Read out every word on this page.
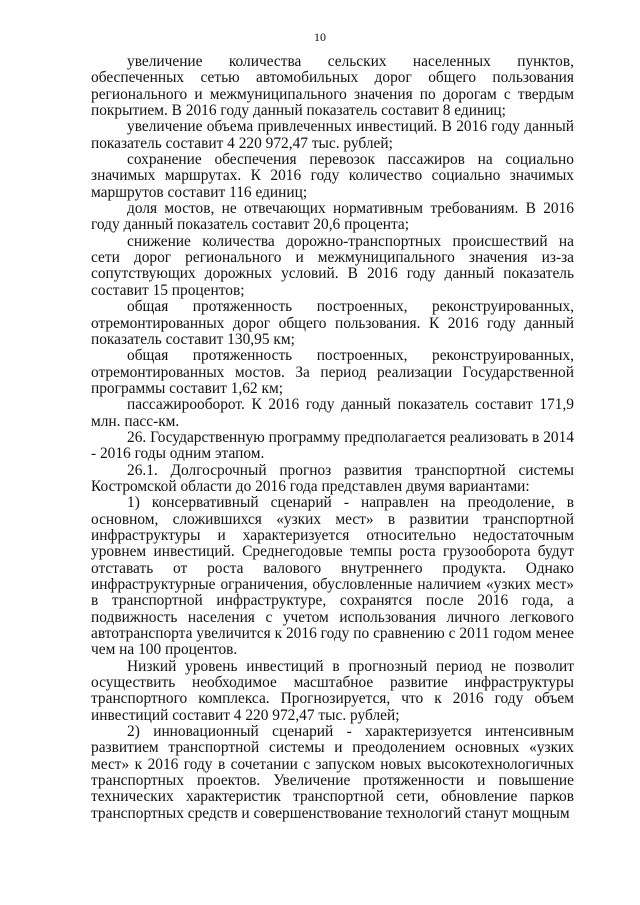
10

увеличение количества сельских населенных пунктов, обеспеченных сетью автомобильных дорог общего пользования регионального и межмуниципального значения по дорогам с твердым покрытием. В 2016 году данный показатель составит 8 единиц;

увеличение объема привлеченных инвестиций. В 2016 году данный показатель составит 4 220 972,47 тыс. рублей;

сохранение обеспечения перевозок пассажиров на социально значимых маршрутах. К 2016 году количество социально значимых маршрутов составит 116 единиц;

доля мостов, не отвечающих нормативным требованиям. В 2016 году данный показатель составит 20,6 процента;

снижение количества дорожно-транспортных происшествий на сети дорог регионального и межмуниципального значения из-за сопутствующих дорожных условий. В 2016 году данный показатель составит 15 процентов;

общая протяженность построенных, реконструированных, отремонтированных дорог общего пользования. К 2016 году данный показатель составит 130,95 км;

общая протяженность построенных, реконструированных, отремонтированных мостов. За период реализации Государственной программы составит 1,62 км;

пассажирооборот. К 2016 году данный показатель составит 171,9 млн. пасс-км.

26. Государственную программу предполагается реализовать в 2014 - 2016 годы одним этапом.

26.1. Долгосрочный прогноз развития транспортной системы Костромской области до 2016 года представлен двумя вариантами:

1) консервативный сценарий - направлен на преодоление, в основном, сложившихся «узких мест» в развитии транспортной инфраструктуры и характеризуется относительно недостаточным уровнем инвестиций. Среднегодовые темпы роста грузооборота будут отставать от роста валового внутреннего продукта. Однако инфраструктурные ограничения, обусловленные наличием «узких мест» в транспортной инфраструктуре, сохранятся после 2016 года, а подвижность населения с учетом использования личного легкового автотранспорта увеличится к 2016 году по сравнению с 2011 годом менее чем на 100 процентов.

Низкий уровень инвестиций в прогнозный период не позволит осуществить необходимое масштабное развитие инфраструктуры транспортного комплекса. Прогнозируется, что к 2016 году объем инвестиций составит 4 220 972,47 тыс. рублей;

2) инновационный сценарий - характеризуется интенсивным развитием транспортной системы и преодолением основных «узких мест» к 2016 году в сочетании с запуском новых высокотехнологичных транспортных проектов. Увеличение протяженности и повышение технических характеристик транспортной сети, обновление парков транспортных средств и совершенствование технологий станут мощным
